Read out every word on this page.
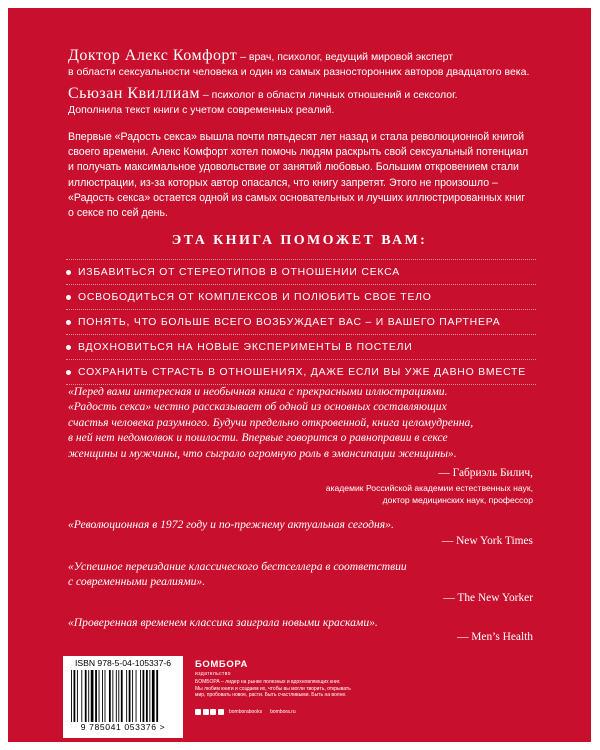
Доктор Алекс Комфорт – врач, психолог, ведущий мировой эксперт
в области сексуальности человека и один из самых разносторонних авторов двадцатого века.
Сьюзан Квиллиам – психолог в области личных отношений и сексолог.
Дополнила текст книги с учетом современных реалий.
Впервые «Радость секса» вышла почти пятьдесят лет назад и стала революционной книгой
своего времени. Алекс Комфорт хотел помочь людям раскрыть свой сексуальный потенциал
и получать максимальное удовольствие от занятий любовью. Большим откровением стали
иллюстрации, из-за которых автор опасался, что книгу запретят. Этого не произошло –
«Радость секса» остается одной из самых основательных и лучших иллюстрированных книг
о сексе по сей день.
ЭТА КНИГА ПОМОЖЕТ ВАМ:
ИЗБАВИТЬСЯ ОТ СТЕРЕОТИПОВ В ОТНОШЕНИИ СЕКСА
ОСВОБОДИТЬСЯ ОТ КОМПЛЕКСОВ И ПОЛЮБИТЬ СВОЕ ТЕЛО
ПОНЯТЬ, ЧТО БОЛЬШЕ ВСЕГО ВОЗБУЖДАЕТ ВАС – И ВАШЕГО ПАРТНЕРА
ВДОХНОВИТЬСЯ НА НОВЫЕ ЭКСПЕРИМЕНТЫ В ПОСТЕЛИ
СОХРАНИТЬ СТРАСТЬ В ОТНОШЕНИЯХ, ДАЖЕ ЕСЛИ ВЫ УЖЕ ДАВНО ВМЕСТЕ
«Перед вами интересная и необычная книга с прекрасными иллюстрациями.
«Радость секса» честно рассказывает об одной из основных составляющих
счастья человека разумного. Будучи предельно откровенной, книга целомудренна,
в ней нет недомолвок и пошлости. Впервые говорится о равноправии в сексе
женщины и мужчины, что сыграло огромную роль в эмансипации женщины».
— Габриэль Билич,
академик Российской академии естественных наук,
доктор медицинских наук, профессор
«Революционная в 1972 году и по-прежнему актуальная сегодня».
— New York Times
«Успешное переиздание классического бестселлера в соответствии
с современными реалиями».
— The New Yorker
«Проверенная временем классика заиграла новыми красками».
— Men’s Health
ISBN 978-5-04-105337-6
9 785041 053376 >
БОМБОРА
издательство
БОМБОРА – лидер на рынке полезных и вдохновляющих книг.
Мы любим книги и создаем их, чтобы вы могли творить, открывать
мир, пробовать новое, расти. Быть счастливыми. Быть на волне.
bomborabooks bombora.ru
